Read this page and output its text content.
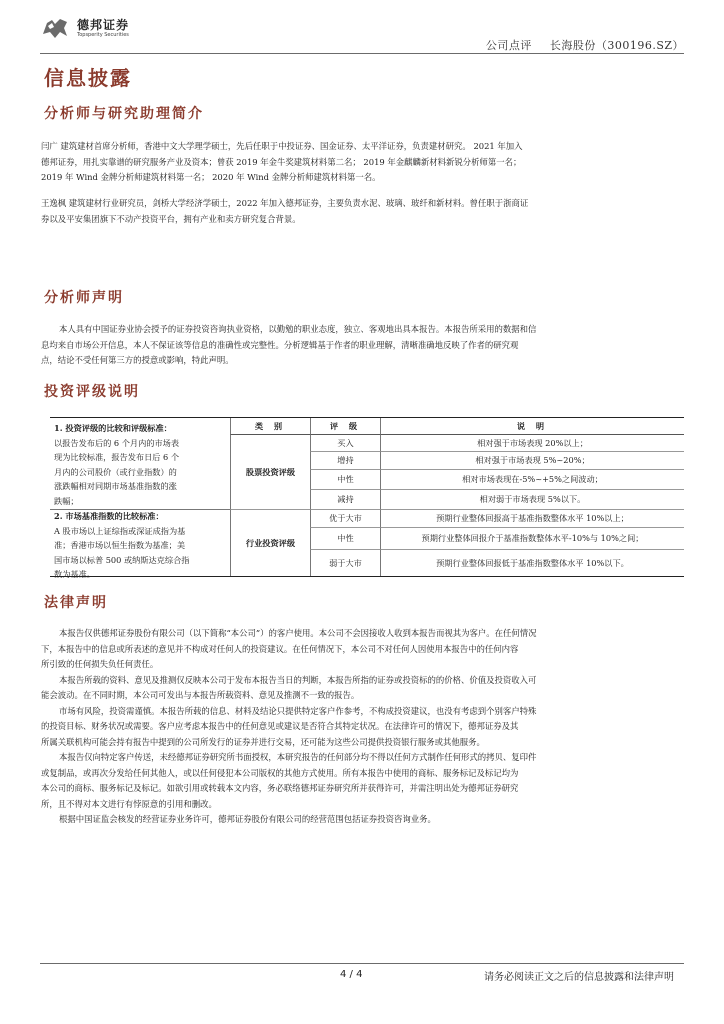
德邦证券
Topsperity Securities
公司点评 长海股份（300196.SZ）
信息披露
分析师与研究助理简介

闫广 建筑建材首席分析师，香港中文大学理学硕士，先后任职于中投证券、国金证券、太平洋证券，负责建材研究。 2021 年加入

德邦证券，用扎实靠谱的研究服务产业及资本；曾获 2019 年金牛奖建筑材料第二名； 2019 年金麒麟新材料新锐分析师第一名；

2019 年 Wind 金牌分析师建筑材料第一名； 2020 年 Wind 金牌分析师建筑材料第一名。

王逸枫 建筑建材行业研究员，剑桥大学经济学硕士，2022 年加入德邦证券，主要负责水泥、玻璃、玻纤和新材料。曾任职于浙商证

券以及平安集团旗下不动产投资平台，拥有产业和卖方研究复合背景。

分析师声明

本人具有中国证券业协会授予的证券投资咨询执业资格，以勤勉的职业态度，独立、客观地出具本报告。本报告所采用的数据和信

息均来自市场公开信息，本人不保证该等信息的准确性或完整性。分析逻辑基于作者的职业理解，清晰准确地反映了作者的研究观

点，结论不受任何第三方的授意或影响，特此声明。

投资评级说明

1. 投资评级的比较和评级标准：

以报告发布后的 6 个月内的市场表

现为比较标准，报告发布日后 6 个

月内的公司股价（或行业指数）的

涨跌幅相对同期市场基准指数的涨

跌幅；

2. 市场基准指数的比较标准：

A 股市场以上证综指或深证成指为基

准；香港市场以恒生指数为基准；美

国市场以标普 500 或纳斯达克综合指

数为基准。

类 别	评 级	说 明
股票投资评级
买入	相对强于市场表现 20%以上；
增持	相对强于市场表现 5%~20%；
中性	相对市场表现在-5%~+5%之间波动；
减持	相对弱于市场表现 5%以下。
行业投资评级
优于大市	预期行业整体回报高于基准指数整体水平 10%以上；
中性	预期行业整体回报介于基准指数整体水平-10%与 10%之间；
弱于大市	预期行业整体回报低于基准指数整体水平 10%以下。
法律声明

本报告仅供德邦证券股份有限公司（以下简称“本公司”）的客户使用。本公司不会因接收人收到本报告而视其为客户。在任何情况

下，本报告中的信息或所表述的意见并不构成对任何人的投资建议。在任何情况下，本公司不对任何人因使用本报告中的任何内容

所引致的任何损失负任何责任。

本报告所载的资料、意见及推测仅反映本公司于发布本报告当日的判断，本报告所指的证券或投资标的的价格、价值及投资收入可

能会波动。在不同时期，本公司可发出与本报告所载资料、意见及推测不一致的报告。

市场有风险，投资需谨慎。本报告所载的信息、材料及结论只提供特定客户作参考，不构成投资建议，也没有考虑到个别客户特殊

的投资目标、财务状况或需要。客户应考虑本报告中的任何意见或建议是否符合其特定状况。在法律许可的情况下，德邦证券及其

所属关联机构可能会持有报告中提到的公司所发行的证券并进行交易，还可能为这些公司提供投资银行服务或其他服务。

本报告仅向特定客户传送，未经德邦证券研究所书面授权，本研究报告的任何部分均不得以任何方式制作任何形式的拷贝、复印件

或复制品，或再次分发给任何其他人，或以任何侵犯本公司版权的其他方式使用。所有本报告中使用的商标、服务标记及标记均为

本公司的商标、服务标记及标记。如欲引用或转载本文内容，务必联络德邦证券研究所并获得许可，并需注明出处为德邦证券研究

所，且不得对本文进行有悖原意的引用和删改。

根据中国证监会核发的经营证券业务许可，德邦证券股份有限公司的经营范围包括证券投资咨询业务。

4 / 4	请务必阅读正文之后的信息披露和法律声明
